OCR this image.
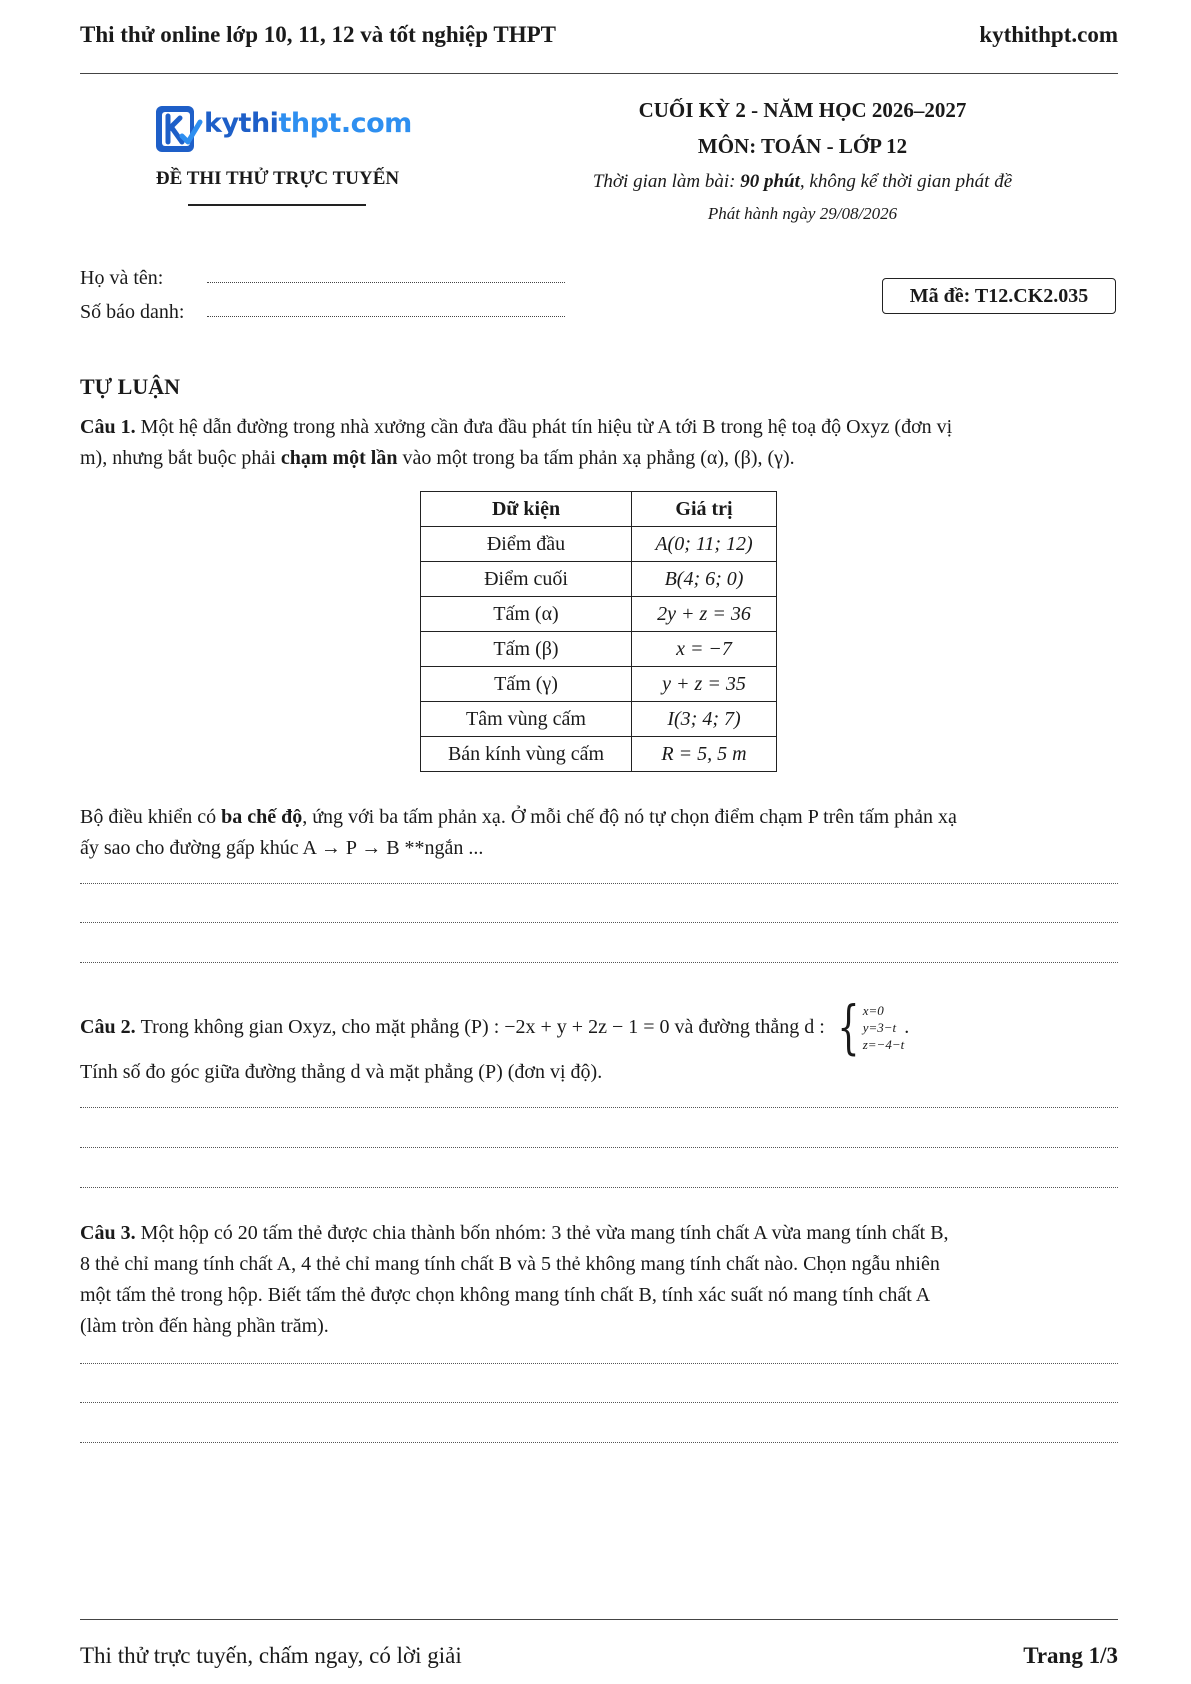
Thi thử online lớp 10, 11, 12 và tốt nghiệp THPT	kythithpt.com
kythithpt.com
ĐỀ THI THỬ TRỰC TUYẾN
CUỐI KỲ 2 - NĂM HỌC 2026–2027
MÔN: TOÁN - LỚP 12
Thời gian làm bài: 90 phút, không kể thời gian phát đề
Phát hành ngày 29/08/2026
Họ và tên:
Số báo danh:
Mã đề: T12.CK2.035
TỰ LUẬN
Câu 1. Một hệ dẫn đường trong nhà xưởng cần đưa đầu phát tín hiệu từ A tới B trong hệ toạ độ Oxyz (đơn vị
m), nhưng bắt buộc phải chạm một lần vào một trong ba tấm phản xạ phẳng (α), (β), (γ).
Dữ kiện	Giá trị
Điểm đầu	A(0; 11; 12)
Điểm cuối	B(4; 6; 0)
Tấm (α)	2y + z = 36
Tấm (β)	x = −7
Tấm (γ)	y + z = 35
Tâm vùng cấm	I(3; 4; 7)
Bán kính vùng cấm	R = 5, 5 m
Bộ điều khiển có ba chế độ, ứng với ba tấm phản xạ. Ở mỗi chế độ nó tự chọn điểm chạm P trên tấm phản xạ
ấy sao cho đường gấp khúc A → P → B **ngắn ...
Câu 2.
Trong không gian Oxyz, cho mặt phẳng (P) : −2x + y + 2z − 1 = 0 và đường thẳng d :
{ x=0
y=3−t
z=−4−t
.
Tính số đo góc giữa đường thẳng d và mặt phẳng (P) (đơn vị độ).
Câu 3. Một hộp có 20 tấm thẻ được chia thành bốn nhóm: 3 thẻ vừa mang tính chất A vừa mang tính chất B,
8 thẻ chỉ mang tính chất A, 4 thẻ chỉ mang tính chất B và 5 thẻ không mang tính chất nào. Chọn ngẫu nhiên
một tấm thẻ trong hộp. Biết tấm thẻ được chọn không mang tính chất B, tính xác suất nó mang tính chất A
(làm tròn đến hàng phần trăm).
Thi thử trực tuyến, chấm ngay, có lời giải	Trang 1/3
